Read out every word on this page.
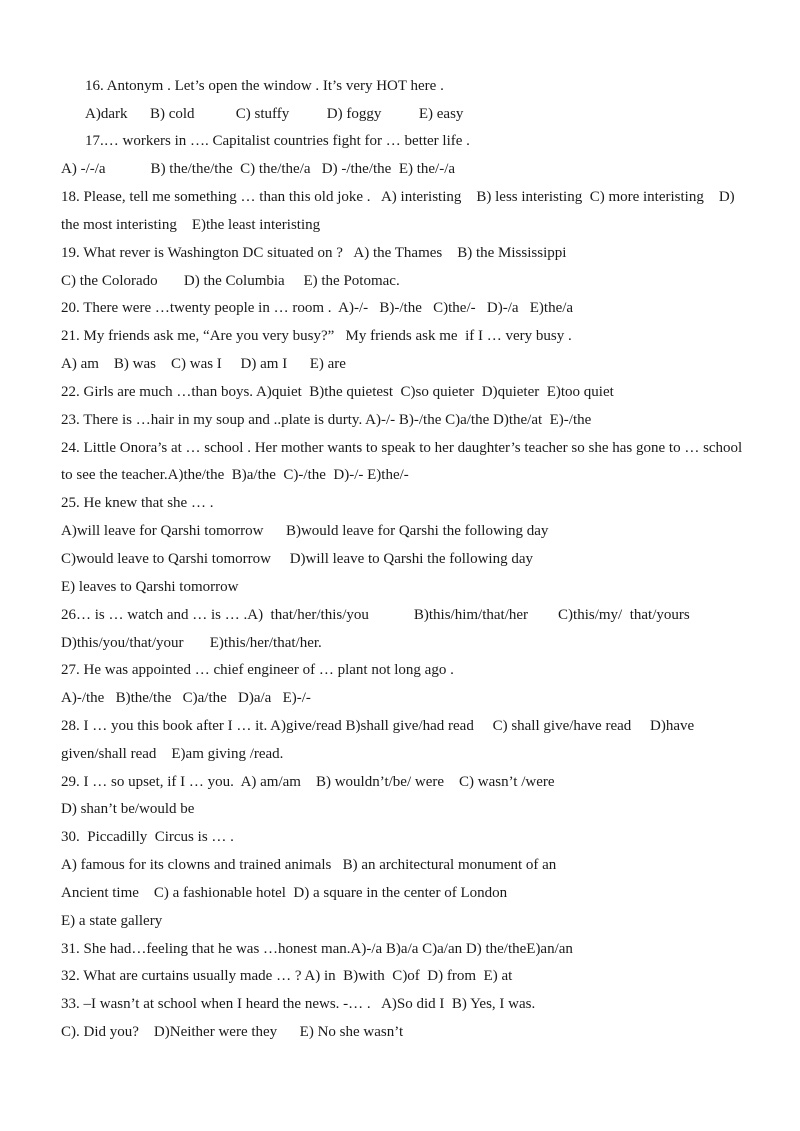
16. Antonym . Let’s open the window . It’s very HOT here .
A)dark      B) cold           C) stuffy          D) foggy          E) easy
17.… workers in …. Capitalist countries fight for … better life .
A) -/-/a            B) the/the/the  C) the/the/a   D) -/the/the  E) the/-/a
18. Please, tell me something … than this old joke .   A) interisting    B) less interisting  C) more interisting    D)
the most interisting    E)the least interisting
19. What rever is Washington DC situated on ?   A) the Thames    B) the Mississippi
C) the Colorado       D) the Columbia     E) the Potomac.
20. There were …twenty people in … room .  A)-/-   B)-/the   C)the/-   D)-/a   E)the/a
21. My friends ask me, “Are you very busy?”   My friends ask me  if I … very busy .
A) am    B) was    C) was I     D) am I      E) are
22. Girls are much …than boys. A)quiet  B)the quietest  C)so quieter  D)quieter  E)too quiet
23. There is …hair in my soup and ..plate is durty. A)-/- B)-/the C)a/the D)the/at  E)-/the
24. Little Onora’s at … school . Her mother wants to speak to her daughter’s teacher so she has gone to … school
to see the teacher.A)the/the  B)a/the  C)-/the  D)-/- E)the/-
25. He knew that she … .
A)will leave for Qarshi tomorrow      B)would leave for Qarshi the following day
C)would leave to Qarshi tomorrow     D)will leave to Qarshi the following day
E) leaves to Qarshi tomorrow
26… is … watch and … is … .A)  that/her/this/you            B)this/him/that/her        C)this/my/  that/yours
D)this/you/that/your       E)this/her/that/her.
27. He was appointed … chief engineer of … plant not long ago .
A)-/the   B)the/the   C)a/the   D)a/a   E)-/-
28. I … you this book after I … it. A)give/read B)shall give/had read     C) shall give/have read     D)have
given/shall read    E)am giving /read.
29. I … so upset, if I … you.  A) am/am    B) wouldn’t/be/ were    C) wasn’t /were
D) shan’t be/would be
30.  Piccadilly  Circus is … .
A) famous for its clowns and trained animals   B) an architectural monument of an
Ancient time    C) a fashionable hotel  D) a square in the center of London
E) a state gallery
31. She had…feeling that he was …honest man.A)-/a B)a/a C)a/an D) the/theE)an/an
32. What are curtains usually made … ? A) in  B)with  C)of  D) from  E) at
33. –I wasn’t at school when I heard the news. -… .   A)So did I  B) Yes, I was.
C). Did you?    D)Neither were they      E) No she wasn’t
